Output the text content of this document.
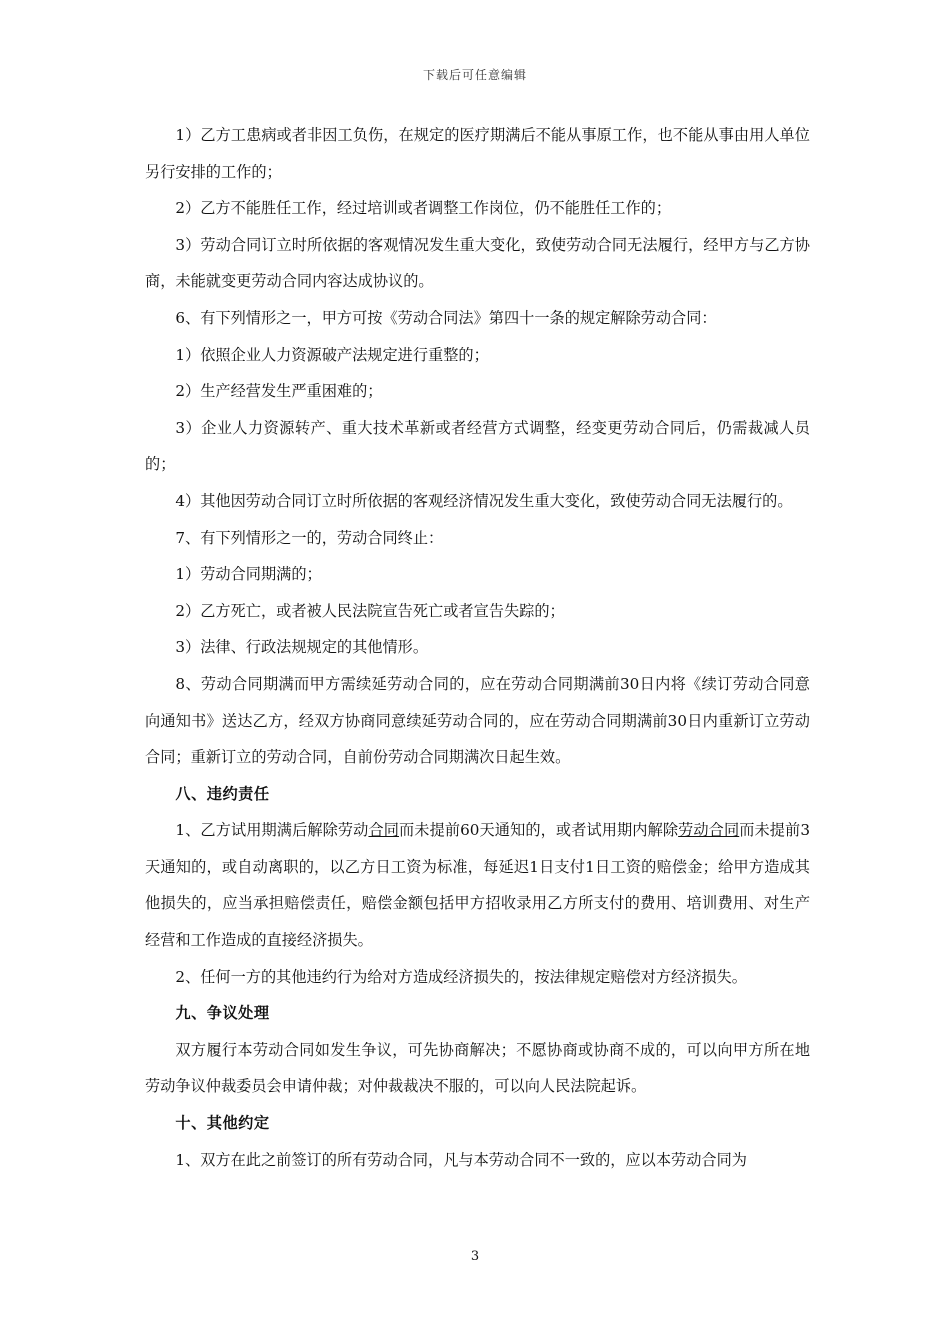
下载后可任意编辑

1）乙方工患病或者非因工负伤，在规定的医疗期满后不能从事原工作，也不能从事由用人单位另行安排的工作的；

2）乙方不能胜任工作，经过培训或者调整工作岗位，仍不能胜任工作的；

3）劳动合同订立时所依据的客观情况发生重大变化，致使劳动合同无法履行，经甲方与乙方协商，未能就变更劳动合同内容达成协议的。

6、有下列情形之一，甲方可按《劳动合同法》第四十一条的规定解除劳动合同：

1）依照企业人力资源破产法规定进行重整的；

2）生产经营发生严重困难的；

3）企业人力资源转产、重大技术革新或者经营方式调整，经变更劳动合同后，仍需裁减人员的；

4）其他因劳动合同订立时所依据的客观经济情况发生重大变化，致使劳动合同无法履行的。

7、有下列情形之一的，劳动合同终止：

1）劳动合同期满的；

2）乙方死亡，或者被人民法院宣告死亡或者宣告失踪的；

3）法律、行政法规规定的其他情形。

8、劳动合同期满而甲方需续延劳动合同的，应在劳动合同期满前30日内将《续订劳动合同意向通知书》送达乙方，经双方协商同意续延劳动合同的，应在劳动合同期满前30日内重新订立劳动合同；重新订立的劳动合同，自前份劳动合同期满次日起生效。

八、违约责任

1、乙方试用期满后解除劳动合同而未提前60天通知的，或者试用期内解除劳动合同而未提前3天通知的，或自动离职的，以乙方日工资为标准，每延迟1日支付1日工资的赔偿金；给甲方造成其他损失的，应当承担赔偿责任，赔偿金额包括甲方招收录用乙方所支付的费用、培训费用、对生产经营和工作造成的直接经济损失。

2、任何一方的其他违约行为给对方造成经济损失的，按法律规定赔偿对方经济损失。

九、争议处理

双方履行本劳动合同如发生争议，可先协商解决；不愿协商或协商不成的，可以向甲方所在地劳动争议仲裁委员会申请仲裁；对仲裁裁决不服的，可以向人民法院起诉。

十、其他约定

1、双方在此之前签订的所有劳动合同，凡与本劳动合同不一致的，应以本劳动合同为

3
